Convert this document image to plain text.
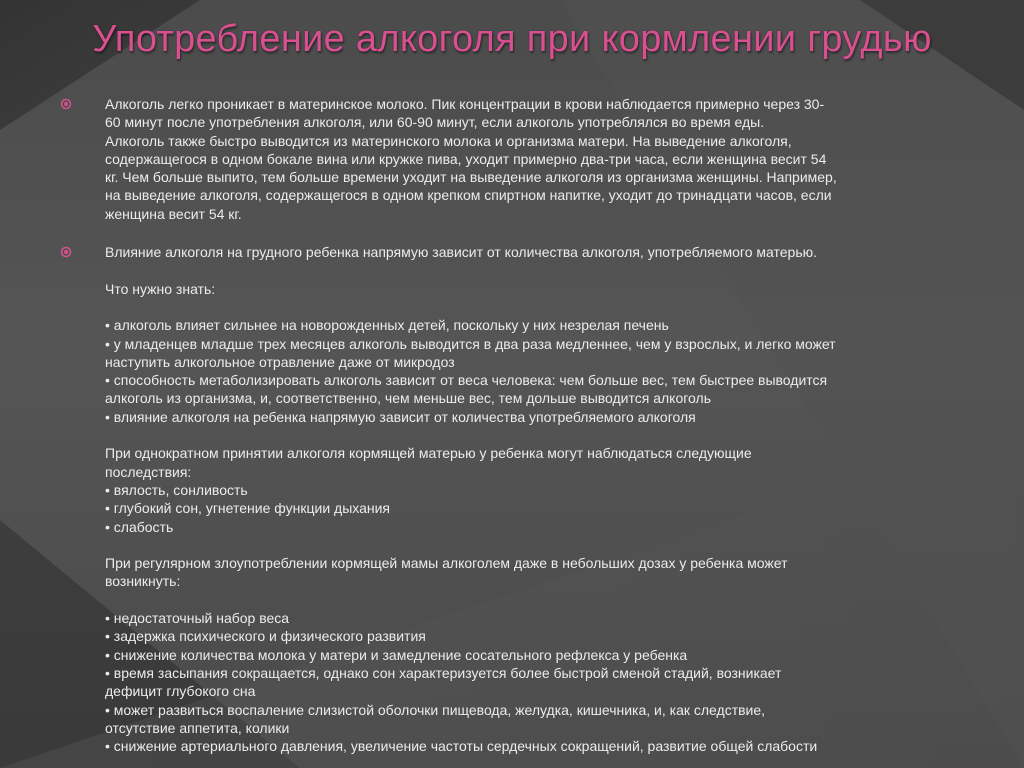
Употребление алкоголя при кормлении грудью

Алкоголь легко проникает в материнское молоко. Пик концентрации в крови наблюдается примерно через 30-
60 минут после употребления алкоголя, или 60-90 минут, если алкоголь употреблялся во время еды.
Алкоголь также быстро выводится из материнского молока и организма матери. На выведение алкоголя,
содержащегося в одном бокале вина или кружке пива, уходит примерно два-три часа, если женщина весит 54
кг. Чем больше выпито, тем больше времени уходит на выведение алкоголя из организма женщины. Например,
на выведение алкоголя, содержащегося в одном крепком спиртном напитке, уходит до тринадцати часов, если
женщина весит 54 кг.

Влияние алкоголя на грудного ребенка напрямую зависит от количества алкоголя, употребляемого матерью.

Что нужно знать:

• алкоголь влияет сильнее на новорожденных детей, поскольку у них незрелая печень
• у младенцев младше трех месяцев алкоголь выводится в два раза медленнее, чем у взрослых, и легко может
наступить алкогольное отравление даже от микродоз
• способность метаболизировать алкоголь зависит от веса человека: чем больше вес, тем быстрее выводится
алкоголь из организма, и, соответственно, чем меньше вес, тем дольше выводится алкоголь
• влияние алкоголя на ребенка напрямую зависит от количества употребляемого алкоголя

При однократном принятии алкоголя кормящей матерью у ребенка могут наблюдаться следующие
последствия:
• вялость, сонливость
• глубокий сон, угнетение функции дыхания
• слабость

При регулярном злоупотреблении кормящей мамы алкоголем даже в небольших дозах у ребенка может
возникнуть:

• недостаточный набор веса
• задержка психического и физического развития
• снижение количества молока у матери и замедление сосательного рефлекса у ребенка
• время засыпания сокращается, однако сон характеризуется более быстрой сменой стадий, возникает
дефицит глубокого сна
• может развиться воспаление слизистой оболочки пищевода, желудка, кишечника, и, как следствие,
отсутствие аппетита, колики
• снижение артериального давления, увеличение частоты сердечных сокращений, развитие общей слабости
